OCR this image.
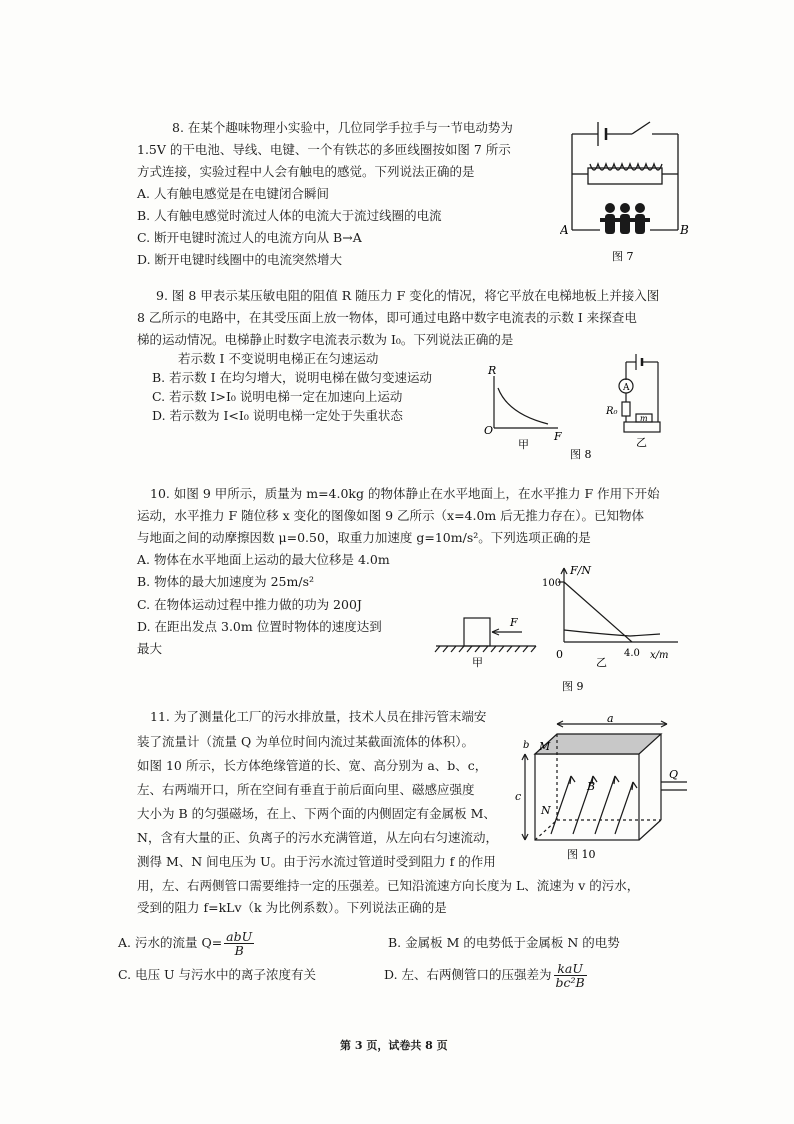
8. 在某个趣味物理小实验中，几位同学手拉手与一节电动势为
1.5V 的干电池、导线、电键、一个有铁芯的多匝线圈按如图 7 所示
方式连接，实验过程中人会有触电的感觉。下列说法正确的是
A. 人有触电感觉是在电键闭合瞬间
B. 人有触电感觉时流过人体的电流大于流过线圈的电流
C. 断开电键时流过人的电流方向从 B→A
D. 断开电键时线圈中的电流突然增大
A	B
图 7
9. 图 8 甲表示某压敏电阻的阻值 R 随压力 F 变化的情况，将它平放在电梯地板上并接入图
8 乙所示的电路中，在其受压面上放一物体，即可通过电路中数字电流表的示数 I 来探查电
梯的运动情况。电梯静止时数字电流表示数为 I₀。下列说法正确的是
若示数 I 不变说明电梯正在匀速运动
B. 若示数 I 在均匀增大，说明电梯在做匀变速运动
C. 若示数 I>I₀ 说明电梯一定在加速向上运动
D. 若示数为 I<I₀ 说明电梯一定处于失重状态
R
F
O
A
R₀
m
甲
图 8
乙
10. 如图 9 甲所示，质量为 m=4.0kg 的物体静止在水平地面上，在水平推力 F 作用下开始
运动，水平推力 F 随位移 x 变化的图像如图 9 乙所示（x=4.0m 后无推力存在）。已知物体
与地面之间的动摩擦因数 μ=0.50，取重力加速度 g=10m/s²。下列选项正确的是
A. 物体在水平地面上运动的最大位移是 4.0m
B. 物体的最大加速度为 25m/s²
C. 在物体运动过程中推力做的功为 200J
D. 在距出发点 3.0m 位置时物体的速度达到
最大
F
甲
F/N
100
0	4.0 x/m
乙
图 9
11. 为了测量化工厂的污水排放量，技术人员在排污管末端安
装了流量计（流量 Q 为单位时间内流过某截面流体的体积）。
如图 10 所示，长方体绝缘管道的长、宽、高分别为 a、b、c，
左、右两端开口，所在空间有垂直于前后面向里、磁感应强度
大小为 B 的匀强磁场，在上、下两个面的内侧固定有金属板 M、
N，含有大量的正、负离子的污水充满管道，从左向右匀速流动，
测得 M、N 间电压为 U。由于污水流过管道时受到阻力 f 的作用
用，左、右两侧管口需要维持一定的压强差。已知沿流速方向长度为 L、流速为 v 的污水，
受到的阻力 f=kLv（k 为比例系数）。下列说法正确的是
A. 污水的流量 $Q= \frac{\text{abU}}{B}$	B. 金属板 M 的电势低于金属板 N 的电势
C. 电压 U 与污水中的离子浓度有关	D. 左、右两侧管口的压强差为 $\frac{\text{kaU}}{\text{bc²B}}$
a
b
c
M
N
B
Q
图 10
第 3 页，试卷共 8 页
